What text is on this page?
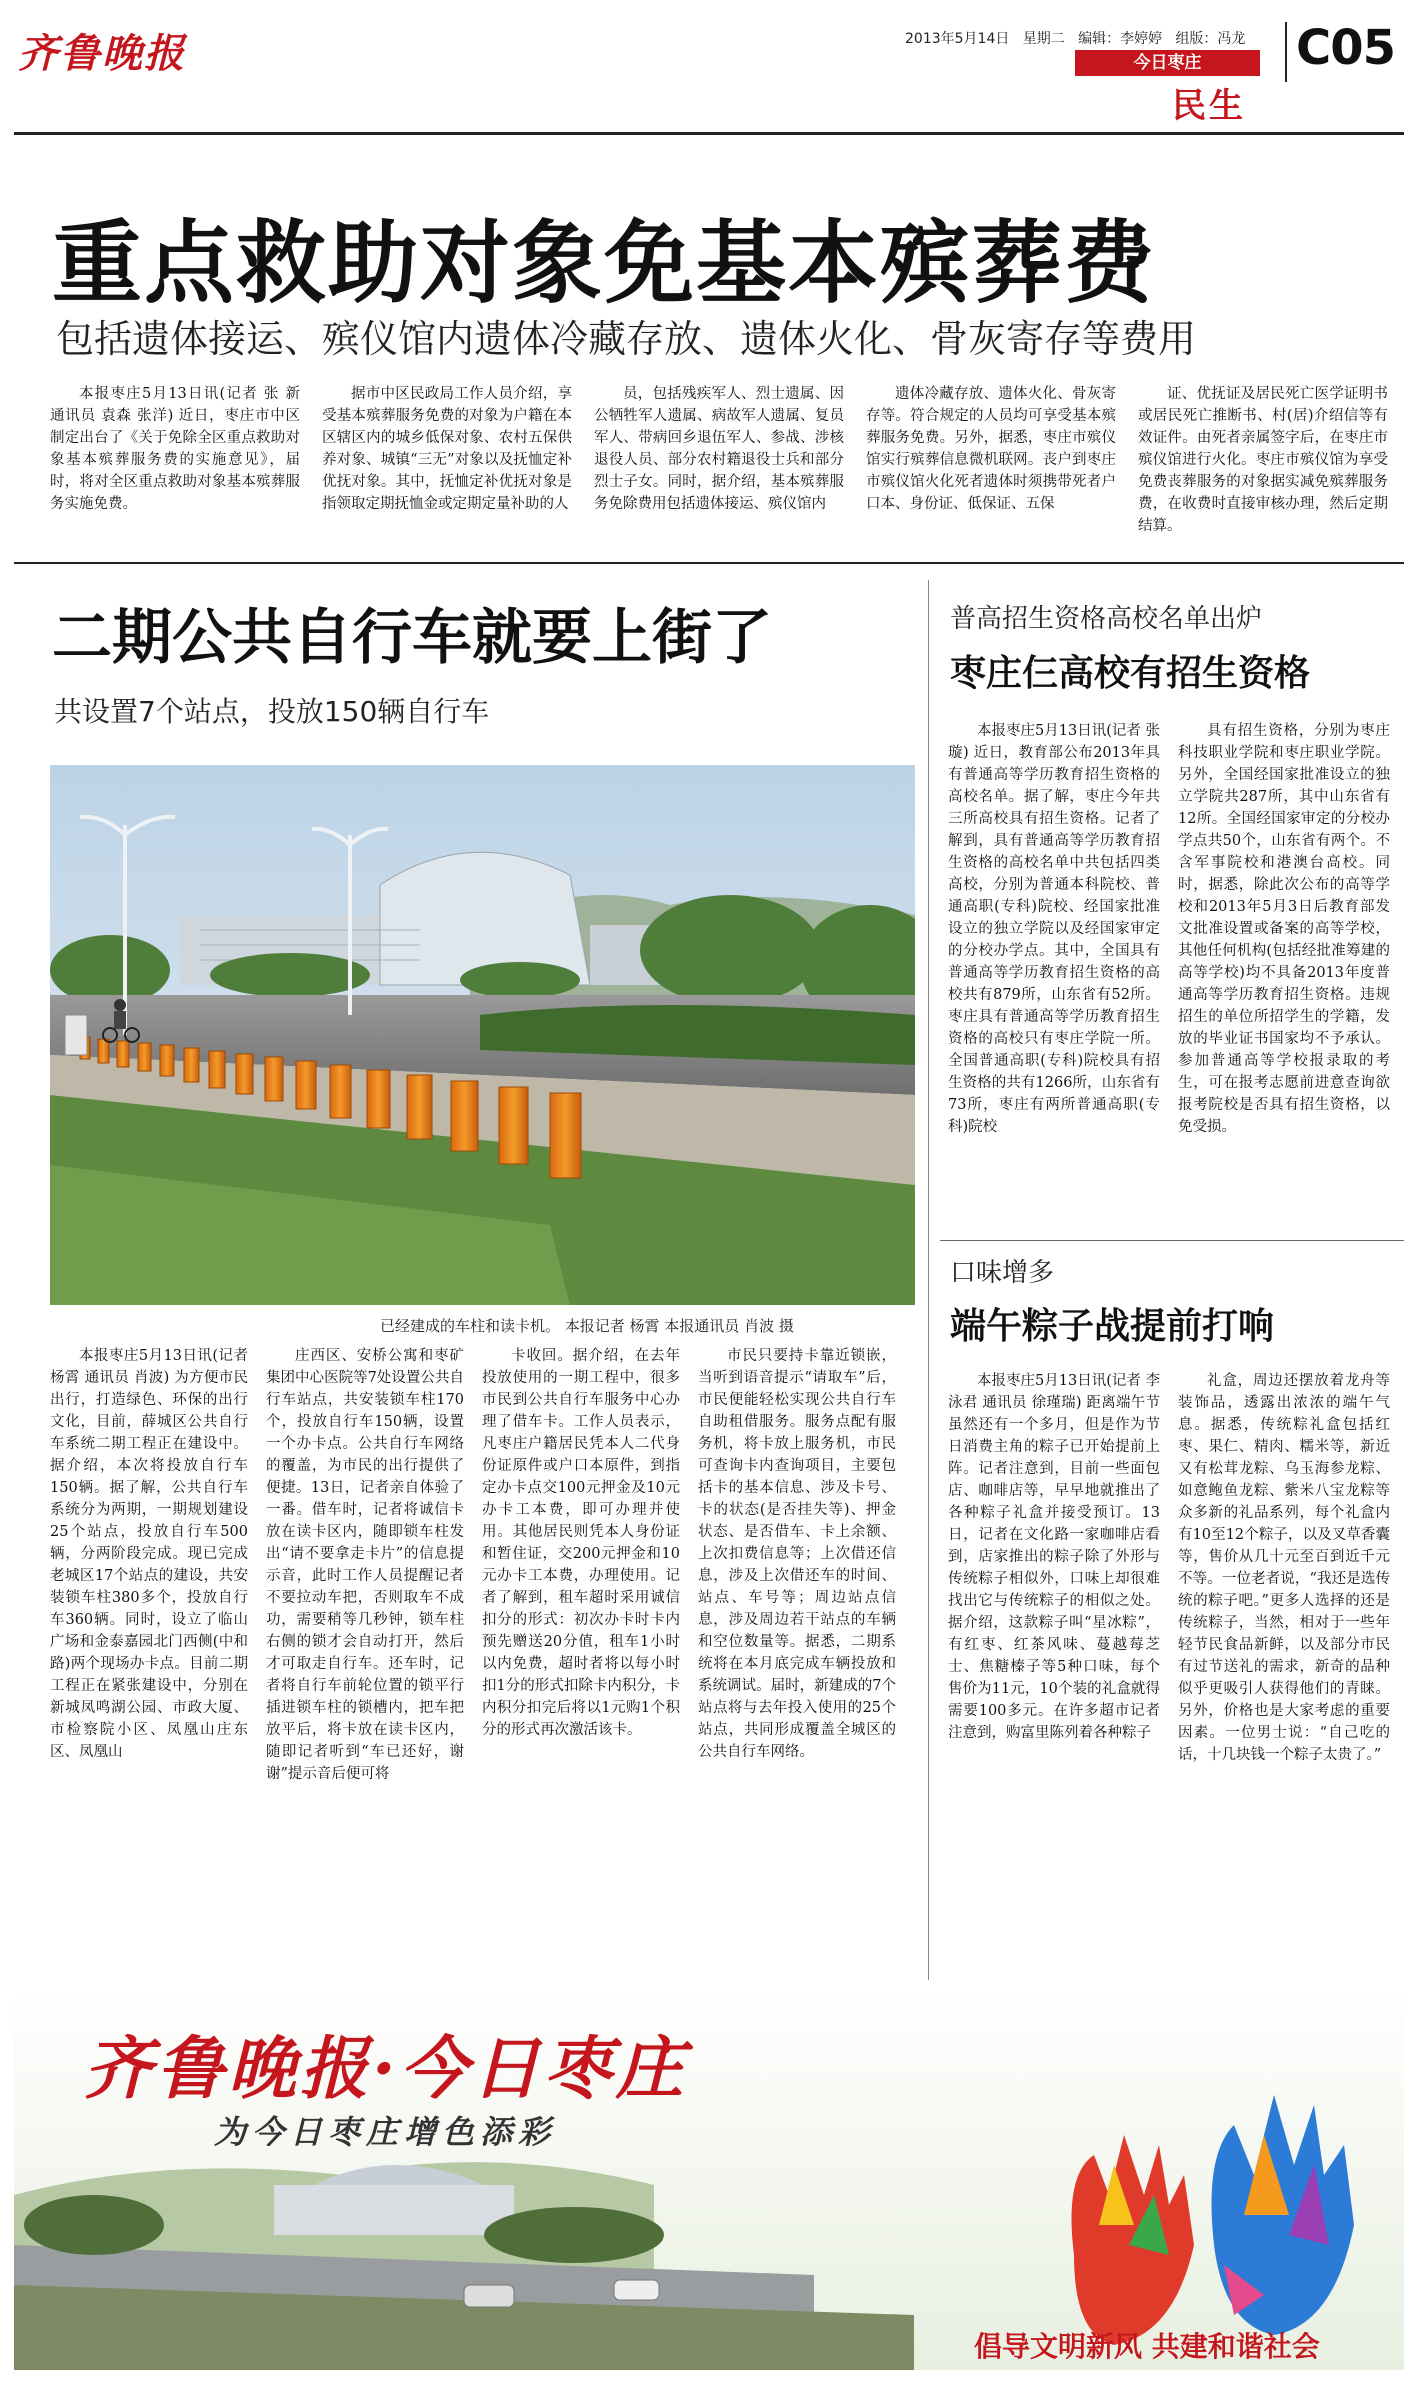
齐鲁晚报	2013年5月14日 星期二 编辑：李婷婷 组版：冯龙
今日枣庄
民生
C05
重点救助对象免基本殡葬费
包括遗体接运、殡仪馆内遗体冷藏存放、遗体火化、骨灰寄存等费用

本报枣庄5月13日讯(记者 张 新 通讯员 袁森 张洋) 近日，枣庄市中区制定出台了《关于免除全区重点救助对象基本殡葬服务费的实施意见》，届时，将对全区重点救助对象基本殡葬服务实施免费。

据市中区民政局工作人员介绍，享受基本殡葬服务免费的对象为户籍在本区辖区内的城乡低保对象、农村五保供养对象、城镇“三无”对象以及抚恤定补优抚对象。其中，抚恤定补优抚对象是指领取定期抚恤金或定期定量补助的人

员，包括残疾军人、烈士遗属、因公牺牲军人遗属、病故军人遗属、复员军人、带病回乡退伍军人、参战、涉核退役人员、部分农村籍退役士兵和部分烈士子女。同时，据介绍，基本殡葬服务免除费用包括遗体接运、殡仪馆内

遗体冷藏存放、遗体火化、骨灰寄存等。符合规定的人员均可享受基本殡葬服务免费。另外，据悉，枣庄市殡仪馆实行殡葬信息微机联网。丧户到枣庄市殡仪馆火化死者遗体时须携带死者户口本、身份证、低保证、五保

证、优抚证及居民死亡医学证明书或居民死亡推断书、村(居)介绍信等有效证件。由死者亲属签字后，在枣庄市殡仪馆进行火化。枣庄市殡仪馆为享受免费丧葬服务的对象据实减免殡葬服务费，在收费时直接审核办理，然后定期结算。

二期公共自行车就要上街了
共设置7个站点，投放150辆自行车
已经建成的车柱和读卡机。 本报记者 杨霄 本报通讯员 肖波 摄

本报枣庄5月13日讯(记者 杨霄 通讯员 肖波) 为方便市民出行，打造绿色、环保的出行文化，目前，薛城区公共自行车系统二期工程正在建设中。据介绍，本次将投放自行车150辆。据了解，公共自行车系统分为两期，一期规划建设25个站点，投放自行车500辆，分两阶段完成。现已完成老城区17个站点的建设，共安装锁车柱380多个，投放自行车360辆。同时，设立了临山广场和金泰嘉园北门西侧(中和路)两个现场办卡点。目前二期工程正在紧张建设中，分别在新城凤鸣湖公园、市政大厦、市检察院小区、凤凰山庄东区、凤凰山

庄西区、安桥公寓和枣矿集团中心医院等7处设置公共自行车站点，共安装锁车柱170个，投放自行车150辆，设置一个办卡点。公共自行车网络的覆盖，为市民的出行提供了便捷。13日，记者亲自体验了一番。借车时，记者将诚信卡放在读卡区内，随即锁车柱发出“请不要拿走卡片”的信息提示音，此时工作人员提醒记者不要拉动车把，否则取车不成功，需要稍等几秒钟，锁车柱右侧的锁才会自动打开，然后才可取走自行车。还车时，记者将自行车前轮位置的锁平行插进锁车柱的锁槽内，把车把放平后，将卡放在读卡区内，随即记者听到“车已还好，谢谢”提示音后便可将

卡收回。据介绍，在去年投放使用的一期工程中，很多市民到公共自行车服务中心办理了借车卡。工作人员表示，凡枣庄户籍居民凭本人二代身份证原件或户口本原件，到指定办卡点交100元押金及10元办卡工本费，即可办理并使用。其他居民则凭本人身份证和暂住证，交200元押金和10元办卡工本费，办理使用。记者了解到，租车超时采用诚信扣分的形式：初次办卡时卡内预先赠送20分值，租车1小时以内免费，超时者将以每小时扣1分的形式扣除卡内积分，卡内积分扣完后将以1元购1个积分的形式再次激活该卡。

市民只要持卡靠近锁嵌，当听到语音提示“请取车”后，市民便能轻松实现公共自行车自助租借服务。服务点配有服务机，将卡放上服务机，市民可查询卡内查询项目，主要包括卡的基本信息、涉及卡号、卡的状态(是否挂失等)、押金状态、是否借车、卡上余额、上次扣费信息等；上次借还信息，涉及上次借还车的时间、站点、车号等；周边站点信息，涉及周边若干站点的车辆和空位数量等。据悉，二期系统将在本月底完成车辆投放和系统调试。届时，新建成的7个站点将与去年投入使用的25个站点，共同形成覆盖全城区的公共自行车网络。

普高招生资格高校名单出炉
枣庄仨高校有招生资格

本报枣庄5月13日讯(记者 张璇) 近日，教育部公布2013年具有普通高等学历教育招生资格的高校名单。据了解，枣庄今年共三所高校具有招生资格。记者了解到，具有普通高等学历教育招生资格的高校名单中共包括四类高校，分别为普通本科院校、普通高职(专科)院校、经国家批准设立的独立学院以及经国家审定的分校办学点。其中，全国具有普通高等学历教育招生资格的高校共有879所，山东省有52所。枣庄具有普通高等学历教育招生资格的高校只有枣庄学院一所。全国普通高职(专科)院校具有招生资格的共有1266所，山东省有73所，枣庄有两所普通高职(专科)院校

具有招生资格，分别为枣庄科技职业学院和枣庄职业学院。另外，全国经国家批准设立的独立学院共287所，其中山东省有12所。全国经国家审定的分校办学点共50个，山东省有两个。不含军事院校和港澳台高校。同时，据悉，除此次公布的高等学校和2013年5月3日后教育部发文批准设置或备案的高等学校，其他任何机构(包括经批准筹建的高等学校)均不具备2013年度普通高等学历教育招生资格。违规招生的单位所招学生的学籍，发放的毕业证书国家均不予承认。参加普通高等学校报录取的考生，可在报考志愿前进意查询欲报考院校是否具有招生资格，以免受损。

口味增多
端午粽子战提前打响

本报枣庄5月13日讯(记者 李泳君 通讯员 徐瑾瑞) 距离端午节虽然还有一个多月，但是作为节日消费主角的粽子已开始提前上阵。记者注意到，目前一些面包店、咖啡店等，早早地就推出了各种粽子礼盒并接受预订。13日，记者在文化路一家咖啡店看到，店家推出的粽子除了外形与传统粽子相似外，口味上却很难找出它与传统粽子的相似之处。据介绍，这款粽子叫“星冰粽”，有红枣、红茶风味、蔓越莓芝士、焦糖榛子等5种口味，每个售价为11元，10个装的礼盒就得需要100多元。在许多超市记者注意到，购富里陈列着各种粽子

礼盒，周边还摆放着龙舟等装饰品，透露出浓浓的端午气息。据悉，传统粽礼盒包括红枣、果仁、精肉、糯米等，新近又有松茸龙粽、乌玉海参龙粽、如意鲍鱼龙粽、紫米八宝龙粽等众多新的礼品系列，每个礼盒内有10至12个粽子，以及叉草香囊等，售价从几十元至百到近千元不等。一位老者说，“我还是选传统的粽子吧。”更多人选择的还是传统粽子，当然，相对于一些年轻节民食品新鲜，以及部分市民有过节送礼的需求，新奇的品种似乎更吸引人获得他们的青睐。另外，价格也是大家考虑的重要因素。一位男士说：“自己吃的话，十几块钱一个粽子太贵了。”

齐鲁晚报·今日枣庄
为今日枣庄增色添彩
倡导文明新风 共建和谐社会
